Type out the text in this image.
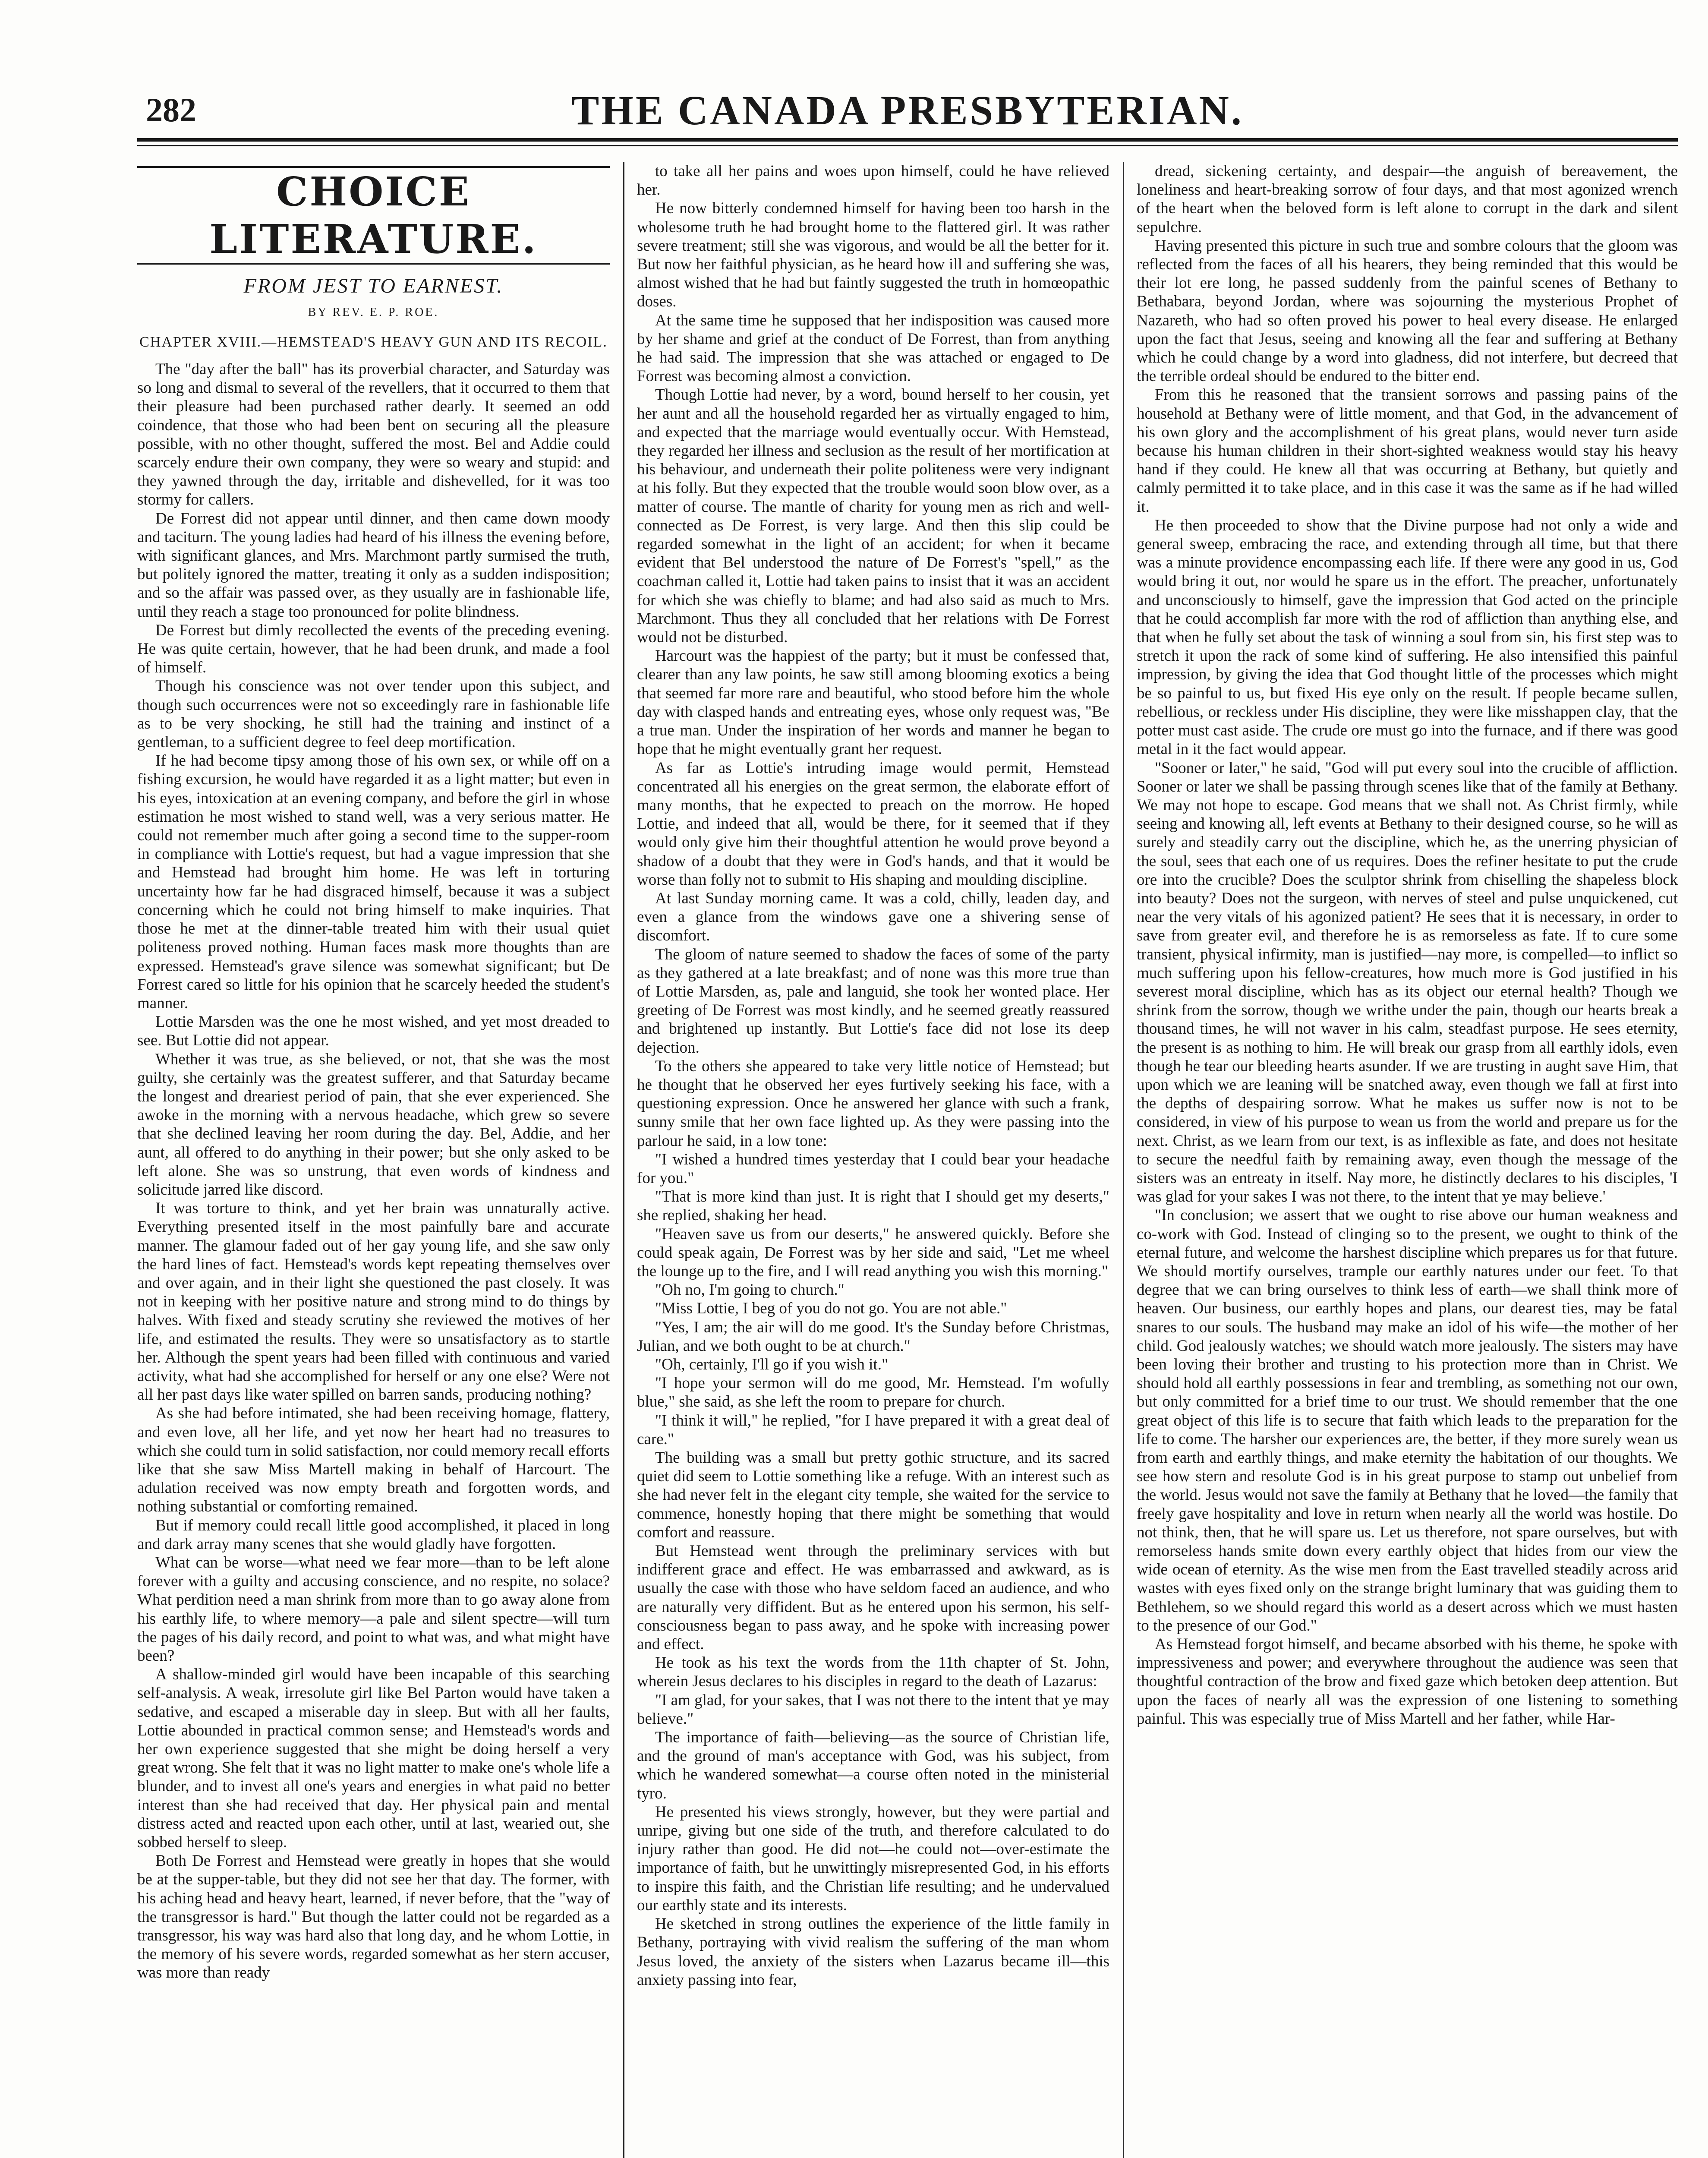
282	THE CANADA PRESBYTERIAN.
CHOICE LITERATURE.
FROM JEST TO EARNEST.
BY REV. E. P. ROE.
CHAPTER XVIII.—HEMSTEAD'S HEAVY GUN AND ITS RECOIL.

The "day after the ball" has its proverbial character, and Saturday was so long and dismal to several of the revellers, that it occurred to them that their pleasure had been purchased rather dearly. It seemed an odd coindence, that those who had been bent on securing all the pleasure possible, with no other thought, suffered the most. Bel and Addie could scarcely endure their own company, they were so weary and stupid: and they yawned through the day, irritable and dishevelled, for it was too stormy for callers.

De Forrest did not appear until dinner, and then came down moody and taciturn. The young ladies had heard of his illness the evening before, with significant glances, and Mrs. Marchmont partly surmised the truth, but politely ignored the matter, treating it only as a sudden indisposition; and so the affair was passed over, as they usually are in fashionable life, until they reach a stage too pronounced for polite blindness.

De Forrest but dimly recollected the events of the preceding evening. He was quite certain, however, that he had been drunk, and made a fool of himself.

Though his conscience was not over tender upon this subject, and though such occurrences were not so exceedingly rare in fashionable life as to be very shocking, he still had the training and instinct of a gentleman, to a sufficient degree to feel deep mortification.

If he had become tipsy among those of his own sex, or while off on a fishing excursion, he would have regarded it as a light matter; but even in his eyes, intoxication at an evening company, and before the girl in whose estimation he most wished to stand well, was a very serious matter. He could not remember much after going a second time to the supper-room in compliance with Lottie's request, but had a vague impression that she and Hemstead had brought him home. He was left in torturing uncertainty how far he had disgraced himself, because it was a subject concerning which he could not bring himself to make inquiries. That those he met at the dinner-table treated him with their usual quiet politeness proved nothing. Human faces mask more thoughts than are expressed. Hemstead's grave silence was somewhat significant; but De Forrest cared so little for his opinion that he scarcely heeded the student's manner.

Lottie Marsden was the one he most wished, and yet most dreaded to see. But Lottie did not appear.

Whether it was true, as she believed, or not, that she was the most guilty, she certainly was the greatest sufferer, and that Saturday became the longest and dreariest period of pain, that she ever experienced. She awoke in the morning with a nervous headache, which grew so severe that she declined leaving her room during the day. Bel, Addie, and her aunt, all offered to do anything in their power; but she only asked to be left alone. She was so unstrung, that even words of kindness and solicitude jarred like discord.

It was torture to think, and yet her brain was unnaturally active. Everything presented itself in the most painfully bare and accurate manner. The glamour faded out of her gay young life, and she saw only the hard lines of fact. Hemstead's words kept repeating themselves over and over again, and in their light she questioned the past closely. It was not in keeping with her positive nature and strong mind to do things by halves. With fixed and steady scrutiny she reviewed the motives of her life, and estimated the results. They were so unsatisfactory as to startle her. Although the spent years had been filled with continuous and varied activity, what had she accomplished for herself or any one else? Were not all her past days like water spilled on barren sands, producing nothing?

As she had before intimated, she had been receiving homage, flattery, and even love, all her life, and yet now her heart had no treasures to which she could turn in solid satisfaction, nor could memory recall efforts like that she saw Miss Martell making in behalf of Harcourt. The adulation received was now empty breath and forgotten words, and nothing substantial or comforting remained.

But if memory could recall little good accomplished, it placed in long and dark array many scenes that she would gladly have forgotten.

What can be worse—what need we fear more—than to be left alone forever with a guilty and accusing conscience, and no respite, no solace? What perdition need a man shrink from more than to go away alone from his earthly life, to where memory—a pale and silent spectre—will turn the pages of his daily record, and point to what was, and what might have been?

A shallow-minded girl would have been incapable of this searching self-analysis. A weak, irresolute girl like Bel Parton would have taken a sedative, and escaped a miserable day in sleep. But with all her faults, Lottie abounded in practical common sense; and Hemstead's words and her own experience suggested that she might be doing herself a very great wrong. She felt that it was no light matter to make one's whole life a blunder, and to invest all one's years and energies in what paid no better interest than she had received that day. Her physical pain and mental distress acted and reacted upon each other, until at last, wearied out, she sobbed herself to sleep.

Both De Forrest and Hemstead were greatly in hopes that she would be at the supper-table, but they did not see her that day. The former, with his aching head and heavy heart, learned, if never before, that the "way of the transgressor is hard." But though the latter could not be regarded as a transgressor, his way was hard also that long day, and he whom Lottie, in the memory of his severe words, regarded somewhat as her stern accuser, was more than ready

to take all her pains and woes upon himself, could he have relieved her.

He now bitterly condemned himself for having been too harsh in the wholesome truth he had brought home to the flattered girl. It was rather severe treatment; still she was vigorous, and would be all the better for it. But now her faithful physician, as he heard how ill and suffering she was, almost wished that he had but faintly suggested the truth in homœopathic doses.

At the same time he supposed that her indisposition was caused more by her shame and grief at the conduct of De Forrest, than from anything he had said. The impression that she was attached or engaged to De Forrest was becoming almost a conviction.

Though Lottie had never, by a word, bound herself to her cousin, yet her aunt and all the household regarded her as virtually engaged to him, and expected that the marriage would eventually occur. With Hemstead, they regarded her illness and seclusion as the result of her mortification at his behaviour, and underneath their polite politeness were very indignant at his folly. But they expected that the trouble would soon blow over, as a matter of course. The mantle of charity for young men as rich and well-connected as De Forrest, is very large. And then this slip could be regarded somewhat in the light of an accident; for when it became evident that Bel understood the nature of De Forrest's "spell," as the coachman called it, Lottie had taken pains to insist that it was an accident for which she was chiefly to blame; and had also said as much to Mrs. Marchmont. Thus they all concluded that her relations with De Forrest would not be disturbed.

Harcourt was the happiest of the party; but it must be confessed that, clearer than any law points, he saw still among blooming exotics a being that seemed far more rare and beautiful, who stood before him the whole day with clasped hands and entreating eyes, whose only request was, "Be a true man. Under the inspiration of her words and manner he began to hope that he might eventually grant her request.

As far as Lottie's intruding image would permit, Hemstead concentrated all his energies on the great sermon, the elaborate effort of many months, that he expected to preach on the morrow. He hoped Lottie, and indeed that all, would be there, for it seemed that if they would only give him their thoughtful attention he would prove beyond a shadow of a doubt that they were in God's hands, and that it would be worse than folly not to submit to His shaping and moulding discipline.

At last Sunday morning came. It was a cold, chilly, leaden day, and even a glance from the windows gave one a shivering sense of discomfort.

The gloom of nature seemed to shadow the faces of some of the party as they gathered at a late breakfast; and of none was this more true than of Lottie Marsden, as, pale and languid, she took her wonted place. Her greeting of De Forrest was most kindly, and he seemed greatly reassured and brightened up instantly. But Lottie's face did not lose its deep dejection.

To the others she appeared to take very little notice of Hemstead; but he thought that he observed her eyes furtively seeking his face, with a questioning expression. Once he answered her glance with such a frank, sunny smile that her own face lighted up. As they were passing into the parlour he said, in a low tone:

"I wished a hundred times yesterday that I could bear your headache for you."

"That is more kind than just. It is right that I should get my deserts," she replied, shaking her head.

"Heaven save us from our deserts," he answered quickly. Before she could speak again, De Forrest was by her side and said, "Let me wheel the lounge up to the fire, and I will read anything you wish this morning."

"Oh no, I'm going to church."

"Miss Lottie, I beg of you do not go. You are not able."

"Yes, I am; the air will do me good. It's the Sunday before Christmas, Julian, and we both ought to be at church."

"Oh, certainly, I'll go if you wish it."

"I hope your sermon will do me good, Mr. Hemstead. I'm wofully blue," she said, as she left the room to prepare for church.

"I think it will," he replied, "for I have prepared it with a great deal of care."

The building was a small but pretty gothic structure, and its sacred quiet did seem to Lottie something like a refuge. With an interest such as she had never felt in the elegant city temple, she waited for the service to commence, honestly hoping that there might be something that would comfort and reassure.

But Hemstead went through the preliminary services with but indifferent grace and effect. He was embarrassed and awkward, as is usually the case with those who have seldom faced an audience, and who are naturally very diffident. But as he entered upon his sermon, his self-consciousness began to pass away, and he spoke with increasing power and effect.

He took as his text the words from the 11th chapter of St. John, wherein Jesus declares to his disciples in regard to the death of Lazarus:

"I am glad, for your sakes, that I was not there to the intent that ye may believe."

The importance of faith—believing—as the source of Christian life, and the ground of man's acceptance with God, was his subject, from which he wandered somewhat—a course often noted in the ministerial tyro.

He presented his views strongly, however, but they were partial and unripe, giving but one side of the truth, and therefore calculated to do injury rather than good. He did not—he could not—over-estimate the importance of faith, but he unwittingly misrepresented God, in his efforts to inspire this faith, and the Christian life resulting; and he undervalued our earthly state and its interests.

He sketched in strong outlines the experience of the little family in Bethany, portraying with vivid realism the suffering of the man whom Jesus loved, the anxiety of the sisters when Lazarus became ill—this anxiety passing into fear,

dread, sickening certainty, and despair—the anguish of bereavement, the loneliness and heart-breaking sorrow of four days, and that most agonized wrench of the heart when the beloved form is left alone to corrupt in the dark and silent sepulchre.

Having presented this picture in such true and sombre colours that the gloom was reflected from the faces of all his hearers, they being reminded that this would be their lot ere long, he passed suddenly from the painful scenes of Bethany to Bethabara, beyond Jordan, where was sojourning the mysterious Prophet of Nazareth, who had so often proved his power to heal every disease. He enlarged upon the fact that Jesus, seeing and knowing all the fear and suffering at Bethany which he could change by a word into gladness, did not interfere, but decreed that the terrible ordeal should be endured to the bitter end.

From this he reasoned that the transient sorrows and passing pains of the household at Bethany were of little moment, and that God, in the advancement of his own glory and the accomplishment of his great plans, would never turn aside because his human children in their short-sighted weakness would stay his heavy hand if they could. He knew all that was occurring at Bethany, but quietly and calmly permitted it to take place, and in this case it was the same as if he had willed it.

He then proceeded to show that the Divine purpose had not only a wide and general sweep, embracing the race, and extending through all time, but that there was a minute providence encompassing each life. If there were any good in us, God would bring it out, nor would he spare us in the effort. The preacher, unfortunately and unconsciously to himself, gave the impression that God acted on the principle that he could accomplish far more with the rod of affliction than anything else, and that when he fully set about the task of winning a soul from sin, his first step was to stretch it upon the rack of some kind of suffering. He also intensified this painful impression, by giving the idea that God thought little of the processes which might be so painful to us, but fixed His eye only on the result. If people became sullen, rebellious, or reckless under His discipline, they were like misshappen clay, that the potter must cast aside. The crude ore must go into the furnace, and if there was good metal in it the fact would appear.

"Sooner or later," he said, "God will put every soul into the crucible of affliction. Sooner or later we shall be passing through scenes like that of the family at Bethany. We may not hope to escape. God means that we shall not. As Christ firmly, while seeing and knowing all, left events at Bethany to their designed course, so he will as surely and steadily carry out the discipline, which he, as the unerring physician of the soul, sees that each one of us requires. Does the refiner hesitate to put the crude ore into the crucible? Does the sculptor shrink from chiselling the shapeless block into beauty? Does not the surgeon, with nerves of steel and pulse unquickened, cut near the very vitals of his agonized patient? He sees that it is necessary, in order to save from greater evil, and therefore he is as remorseless as fate. If to cure some transient, physical infirmity, man is justified—nay more, is compelled—to inflict so much suffering upon his fellow-creatures, how much more is God justified in his severest moral discipline, which has as its object our eternal health? Though we shrink from the sorrow, though we writhe under the pain, though our hearts break a thousand times, he will not waver in his calm, steadfast purpose. He sees eternity, the present is as nothing to him. He will break our grasp from all earthly idols, even though he tear our bleeding hearts asunder. If we are trusting in aught save Him, that upon which we are leaning will be snatched away, even though we fall at first into the depths of despairing sorrow. What he makes us suffer now is not to be considered, in view of his purpose to wean us from the world and prepare us for the next. Christ, as we learn from our text, is as inflexible as fate, and does not hesitate to secure the needful faith by remaining away, even though the message of the sisters was an entreaty in itself. Nay more, he distinctly declares to his disciples, 'I was glad for your sakes I was not there, to the intent that ye may believe.'

"In conclusion; we assert that we ought to rise above our human weakness and co-work with God. Instead of clinging so to the present, we ought to think of the eternal future, and welcome the harshest discipline which prepares us for that future. We should mortify ourselves, trample our earthly natures under our feet. To that degree that we can bring ourselves to think less of earth—we shall think more of heaven. Our business, our earthly hopes and plans, our dearest ties, may be fatal snares to our souls. The husband may make an idol of his wife—the mother of her child. God jealously watches; we should watch more jealously. The sisters may have been loving their brother and trusting to his protection more than in Christ. We should hold all earthly possessions in fear and trembling, as something not our own, but only committed for a brief time to our trust. We should remember that the one great object of this life is to secure that faith which leads to the preparation for the life to come. The harsher our experiences are, the better, if they more surely wean us from earth and earthly things, and make eternity the habitation of our thoughts. We see how stern and resolute God is in his great purpose to stamp out unbelief from the world. Jesus would not save the family at Bethany that he loved—the family that freely gave hospitality and love in return when nearly all the world was hostile. Do not think, then, that he will spare us. Let us therefore, not spare ourselves, but with remorseless hands smite down every earthly object that hides from our view the wide ocean of eternity. As the wise men from the East travelled steadily across arid wastes with eyes fixed only on the strange bright luminary that was guiding them to Bethlehem, so we should regard this world as a desert across which we must hasten to the presence of our God."

As Hemstead forgot himself, and became absorbed with his theme, he spoke with impressiveness and power; and everywhere throughout the audience was seen that thoughtful contraction of the brow and fixed gaze which betoken deep attention. But upon the faces of nearly all was the expression of one listening to something painful. This was especially true of Miss Martell and her father, while Har-
